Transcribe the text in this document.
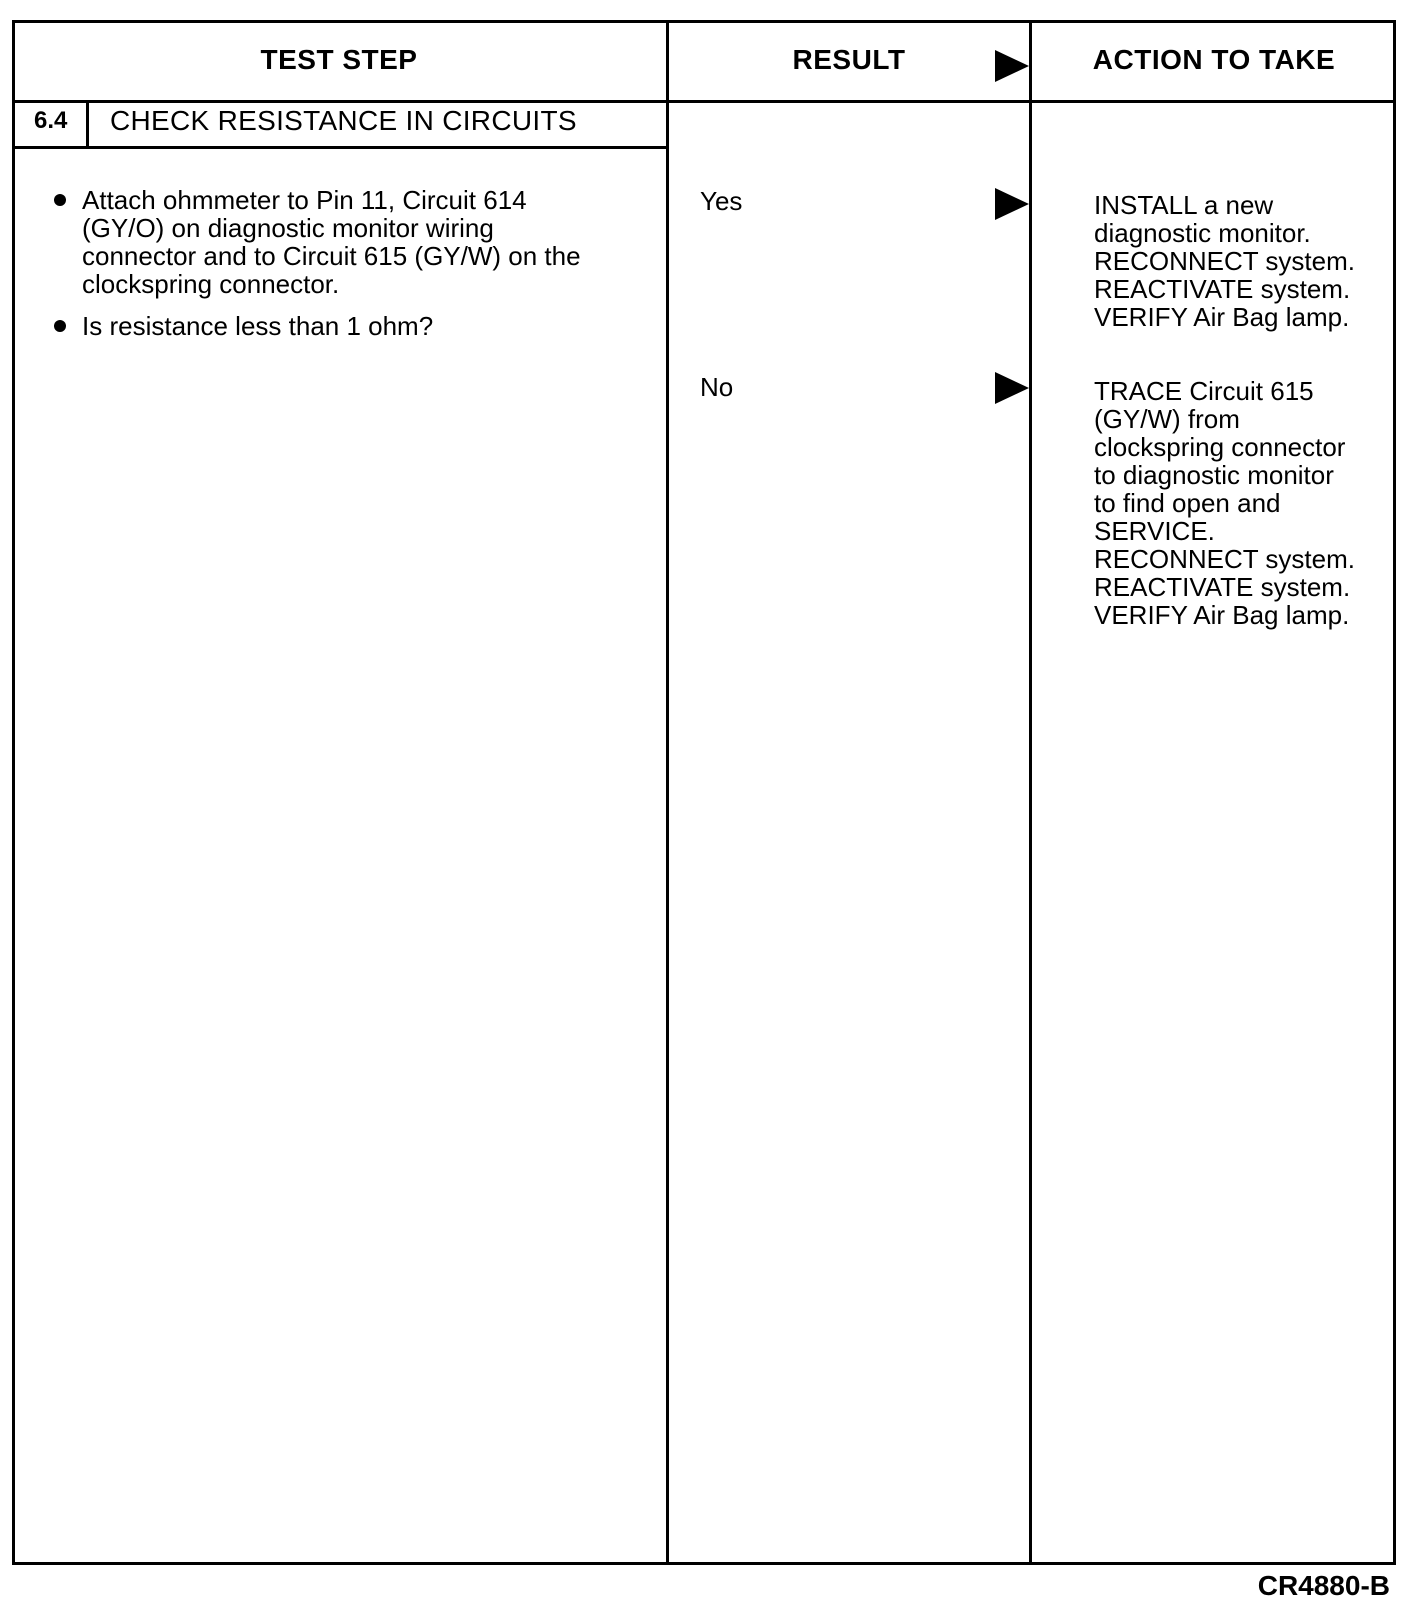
TEST STEP	RESULT	ACTION TO TAKE
6.4 CHECK RESISTANCE IN CIRCUITS
Attach ohmmeter to Pin 11, Circuit 614 (GY/O) on diagnostic monitor wiring connector and to Circuit 615 (GY/W) on the clockspring connector.
Is resistance less than 1 ohm?
Yes	INSTALL a new
diagnostic monitor.
RECONNECT system.
REACTIVATE system.
VERIFY Air Bag lamp.
No	TRACE Circuit 615
(GY/W) from
clockspring connector
to diagnostic monitor
to find open and
SERVICE.
RECONNECT system.
REACTIVATE system.
VERIFY Air Bag lamp.
CR4880-B
